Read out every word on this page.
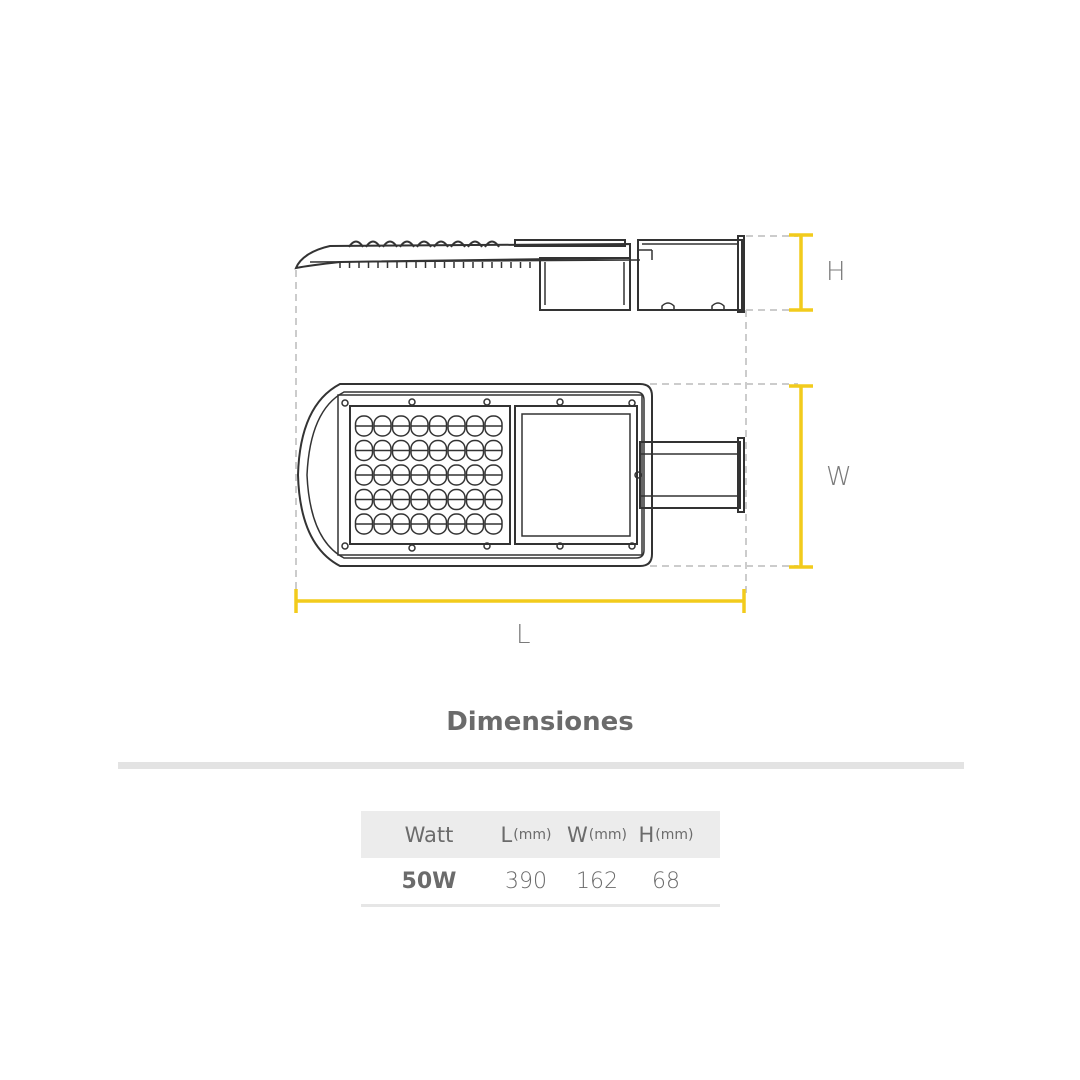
H
W
L
Dimensiones
Watt L (mm) W (mm) H (mm)
50W 390 162 68
